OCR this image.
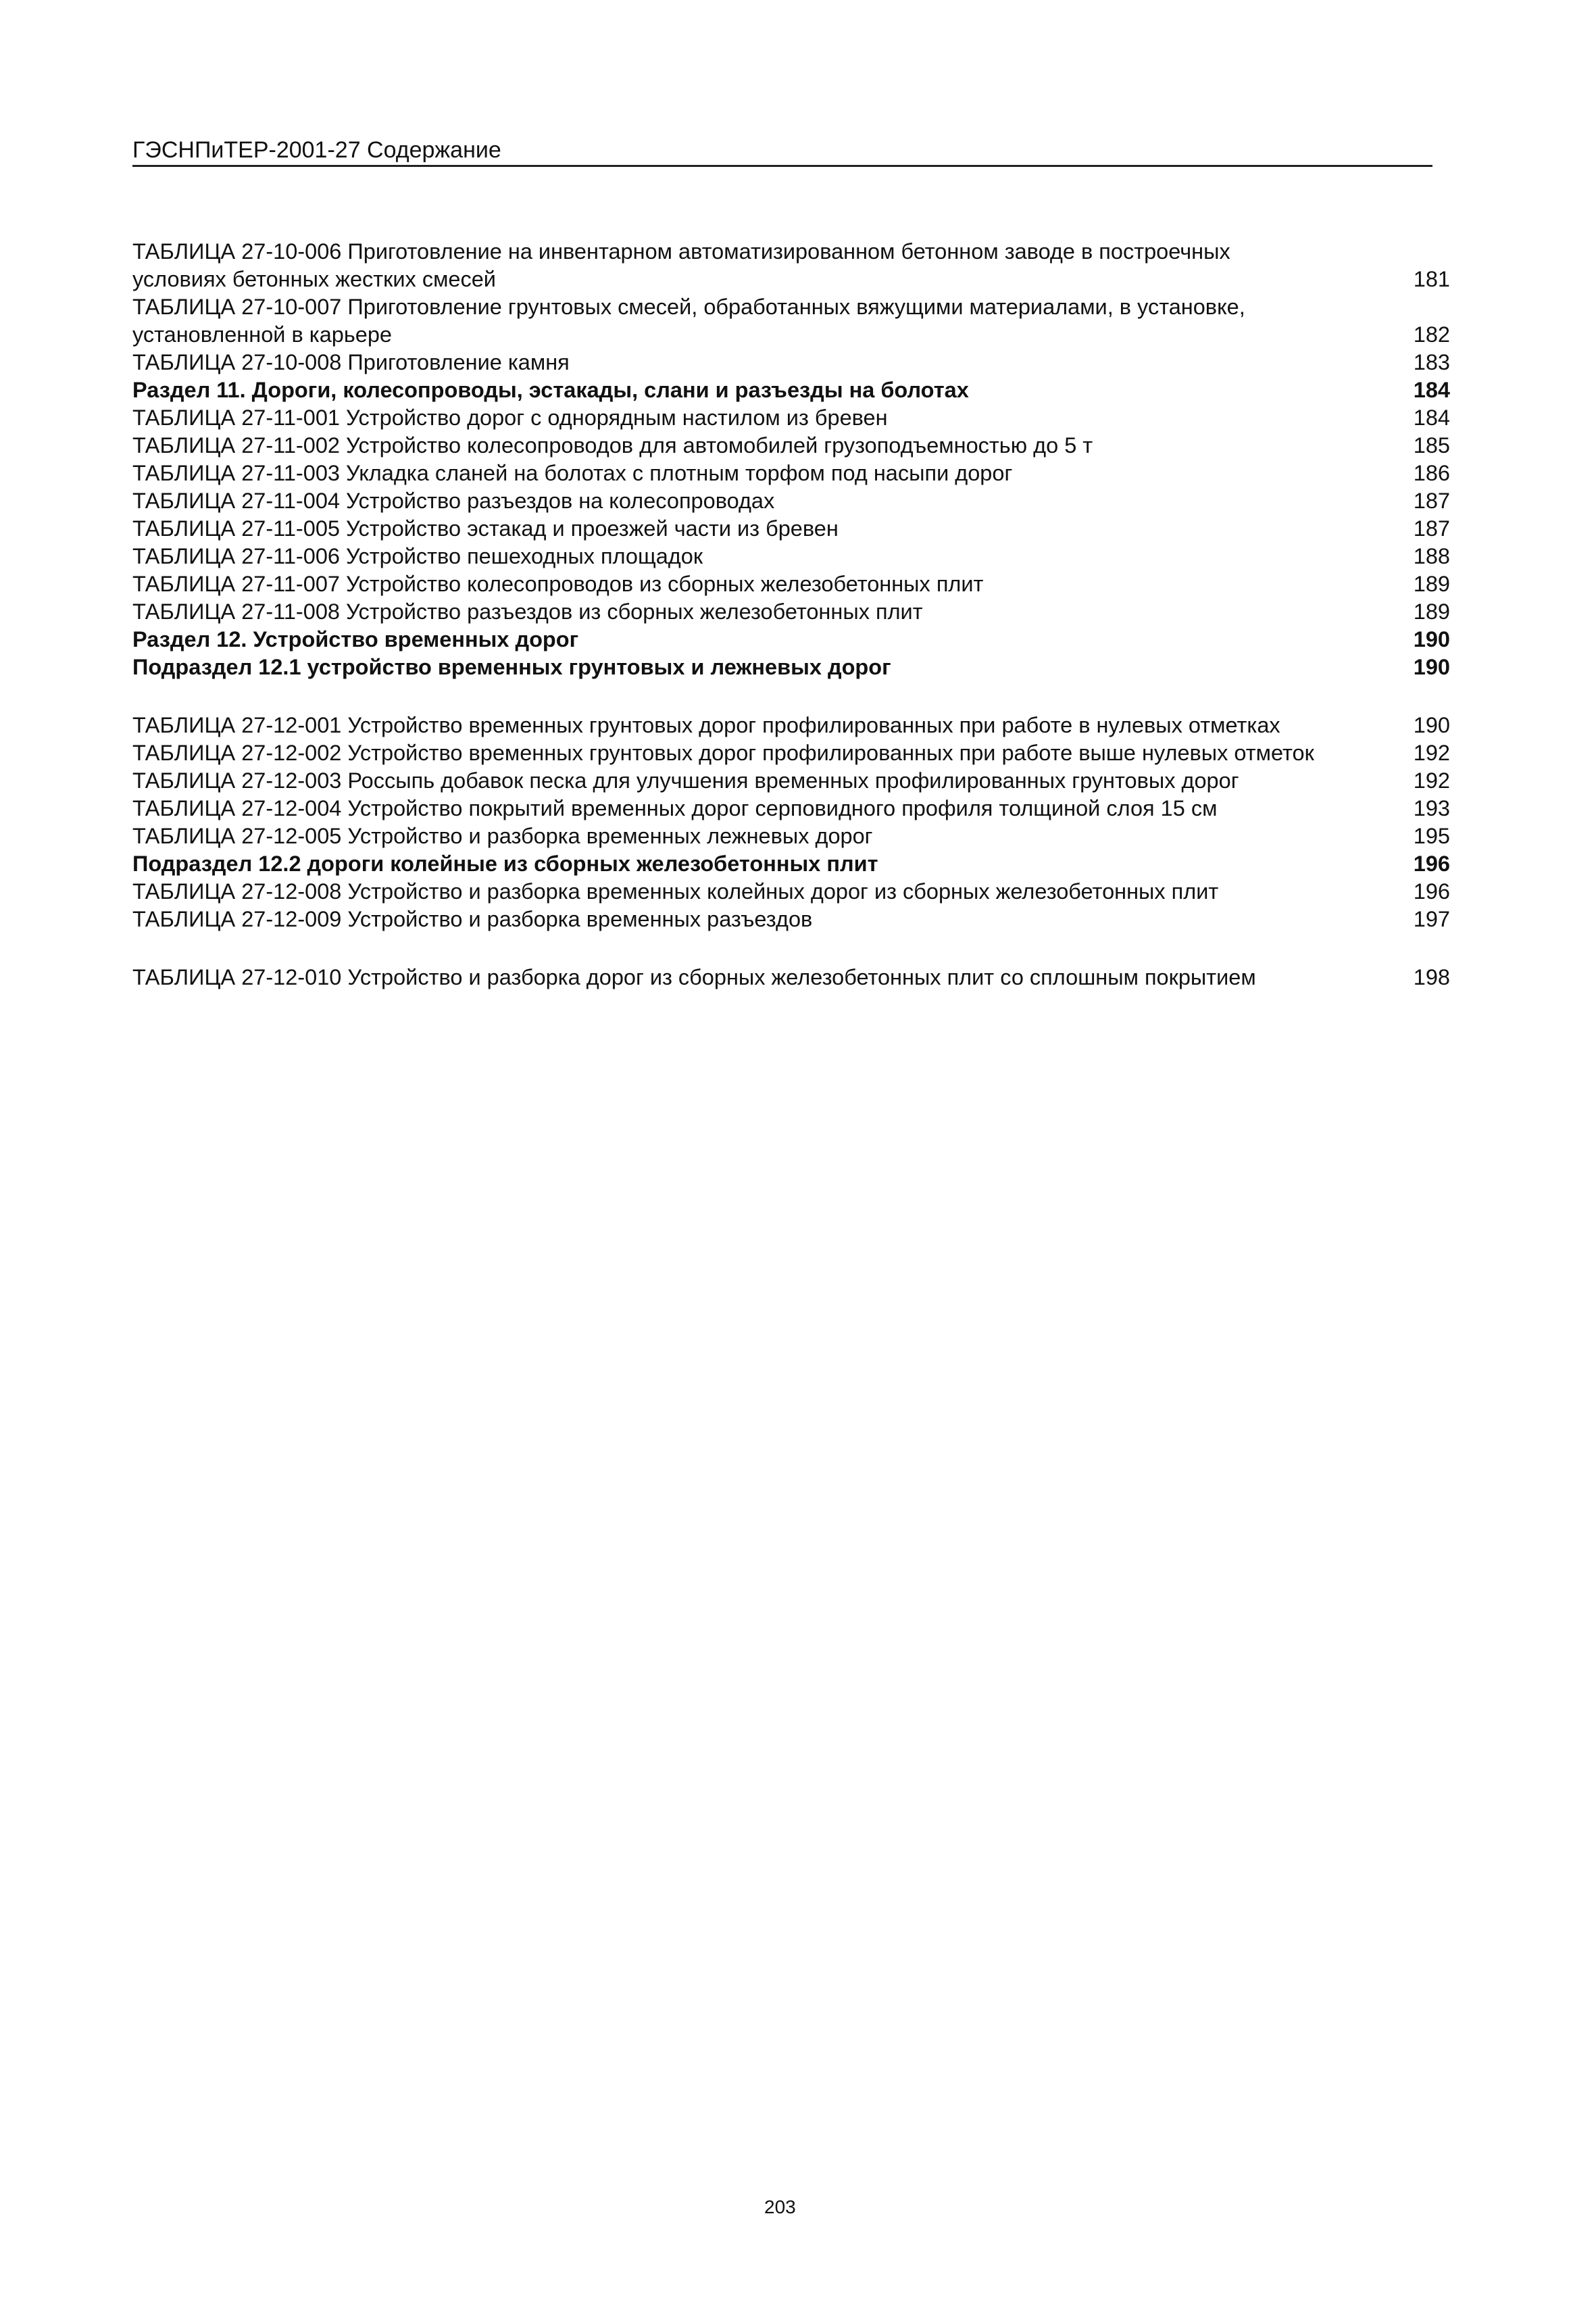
ГЭСНПиТЕР-2001-27 Содержание
ТАБЛИЦА 27-10-006 Приготовление на инвентарном автоматизированном бетонном заводе в построечных условиях бетонных жестких смесей	181
ТАБЛИЦА 27-10-007 Приготовление грунтовых смесей, обработанных вяжущими материалами, в установке, установленной в карьере	182
ТАБЛИЦА 27-10-008 Приготовление камня	183
Раздел 11. Дороги, колесопроводы, эстакады, слани и разъезды на болотах	184
ТАБЛИЦА 27-11-001 Устройство дорог с однорядным настилом из бревен	184
ТАБЛИЦА 27-11-002 Устройство колесопроводов для автомобилей грузоподъемностью до 5 т	185
ТАБЛИЦА 27-11-003 Укладка сланей на болотах с плотным торфом под насыпи дорог	186
ТАБЛИЦА 27-11-004 Устройство разъездов на колесопроводах	187
ТАБЛИЦА 27-11-005 Устройство эстакад и проезжей части из бревен	187
ТАБЛИЦА 27-11-006 Устройство пешеходных площадок	188
ТАБЛИЦА 27-11-007 Устройство колесопроводов из сборных железобетонных плит	189
ТАБЛИЦА 27-11-008 Устройство разъездов из сборных железобетонных плит	189
Раздел 12. Устройство временных дорог	190
Подраздел 12.1 устройство временных грунтовых и лежневых дорог	190
ТАБЛИЦА 27-12-001 Устройство временных грунтовых дорог профилированных при работе в нулевых отметках	190
ТАБЛИЦА 27-12-002 Устройство временных грунтовых дорог профилированных при работе выше нулевых отметок	192
ТАБЛИЦА 27-12-003 Россыпь добавок песка для улучшения временных профилированных грунтовых дорог	192
ТАБЛИЦА 27-12-004 Устройство покрытий временных дорог серповидного профиля толщиной слоя 15 см	193
ТАБЛИЦА 27-12-005 Устройство и разборка временных лежневых дорог	195
Подраздел 12.2 дороги колейные из сборных железобетонных плит	196
ТАБЛИЦА 27-12-008 Устройство и разборка временных колейных дорог из сборных железобетонных плит	196
ТАБЛИЦА 27-12-009 Устройство и разборка временных разъездов	197
ТАБЛИЦА 27-12-010 Устройство и разборка дорог из сборных железобетонных плит со сплошным покрытием	198
203
